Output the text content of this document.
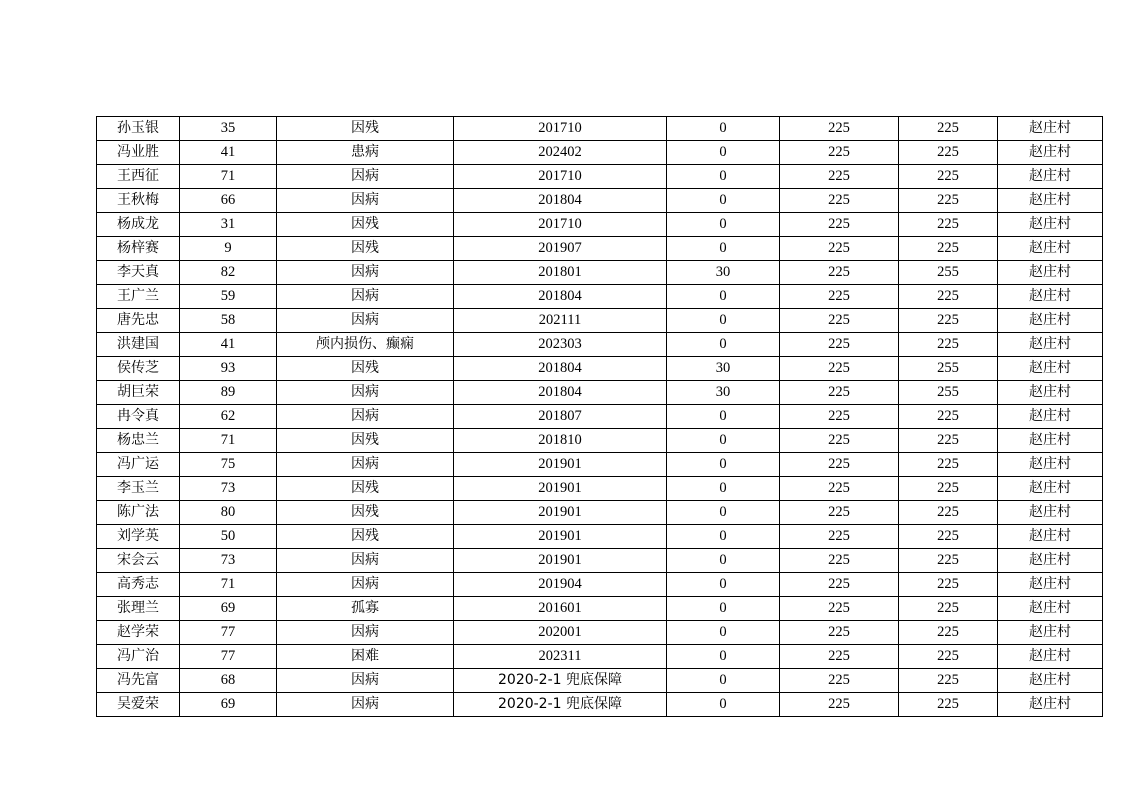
孙玉银	35	因残	201710	0	225	225	赵庄村
冯业胜	41	患病	202402	0	225	225	赵庄村
王西征	71	因病	201710	0	225	225	赵庄村
王秋梅	66	因病	201804	0	225	225	赵庄村
杨成龙	31	因残	201710	0	225	225	赵庄村
杨梓赛	9	因残	201907	0	225	225	赵庄村
李天真	82	因病	201801	30	225	255	赵庄村
王广兰	59	因病	201804	0	225	225	赵庄村
唐先忠	58	因病	202111	0	225	225	赵庄村
洪建国	41	颅内损伤、癫痫	202303	0	225	225	赵庄村
侯传芝	93	因残	201804	30	225	255	赵庄村
胡巨荣	89	因病	201804	30	225	255	赵庄村
冉令真	62	因病	201807	0	225	225	赵庄村
杨忠兰	71	因残	201810	0	225	225	赵庄村
冯广运	75	因病	201901	0	225	225	赵庄村
李玉兰	73	因残	201901	0	225	225	赵庄村
陈广法	80	因残	201901	0	225	225	赵庄村
刘学英	50	因残	201901	0	225	225	赵庄村
宋会云	73	因病	201901	0	225	225	赵庄村
高秀志	71	因病	201904	0	225	225	赵庄村
张理兰	69	孤寡	201601	0	225	225	赵庄村
赵学荣	77	因病	202001	0	225	225	赵庄村
冯广治	77	困难	202311	0	225	225	赵庄村
冯先富	68	因病	2020-2-1 兜底保障	0	225	225	赵庄村
吴爱荣	69	因病	2020-2-1 兜底保障	0	225	225	赵庄村
